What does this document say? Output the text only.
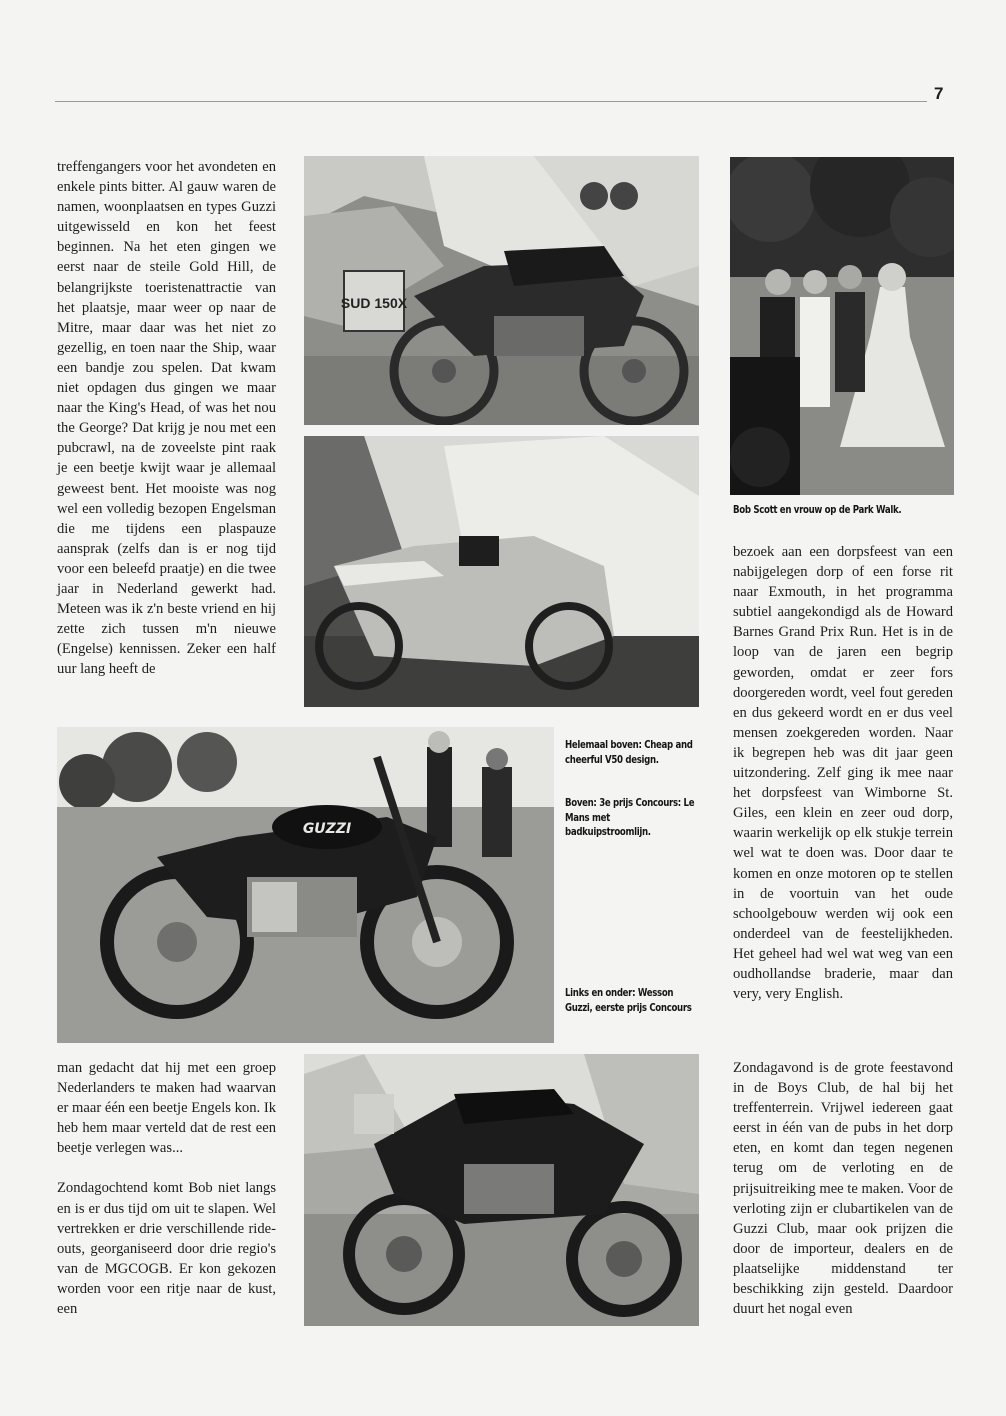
7

treffengangers voor het avondeten en enkele pints bitter. Al gauw waren de namen, woonplaatsen en types Guzzi uitgewisseld en kon het feest beginnen. Na het eten gingen we eerst naar de steile Gold Hill, de belangrijkste toeristenattractie van het plaatsje, maar weer op naar de Mitre, maar daar was het niet zo gezellig, en toen naar the Ship, waar een bandje zou spelen. Dat kwam niet opdagen dus gingen we maar naar the King's Head, of was het nou the George? Dat krijg je nou met een pubcrawl, na de zoveelste pint raak je een beetje kwijt waar je allemaal geweest bent. Het mooiste was nog wel een volledig bezopen Engelsman die me tijdens een plaspauze aansprak (zelfs dan is er nog tijd voor een beleefd praatje) en die twee jaar in Nederland gewerkt had. Meteen was ik z'n beste vriend en hij zette zich tussen m'n nieuwe (Engelse) kennissen. Zeker een half uur lang heeft de

man gedacht dat hij met een groep Nederlanders te maken had waarvan er maar één een beetje Engels kon. Ik heb hem maar verteld dat de rest een beetje verlegen was...

Zondagochtend komt Bob niet langs en is er dus tijd om uit te slapen. Wel vertrekken er drie verschillende ride-outs, georganiseerd door drie regio's van de MGCOGB. Er kon gekozen worden voor een ritje naar de kust, een

bezoek aan een dorpsfeest van een nabijgelegen dorp of een forse rit naar Exmouth, in het programma subtiel aangekondigd als de Howard Barnes Grand Prix Run. Het is in de loop van de jaren een begrip geworden, omdat er zeer fors doorgereden wordt, veel fout gereden en dus gekeerd wordt en er dus veel mensen zoekgereden worden. Naar ik begrepen heb was dit jaar geen uitzondering. Zelf ging ik mee naar het dorpsfeest van Wimborne St. Giles, een klein en zeer oud dorp, waarin werkelijk op elk stukje terrein wel wat te doen was. Door daar te komen en onze motoren op te stellen in de voortuin van het oude schoolgebouw werden wij ook een onderdeel van de feestelijkheden. Het geheel had wel wat weg van een oudhollandse braderie, maar dan very, very English.

Zondagavond is de grote feestavond in de Boys Club, de hal bij het treffenterrein. Vrijwel iedereen gaat eerst in één van de pubs in het dorp eten, en komt dan tegen negenen terug om de verloting en de prijsuitreiking mee te maken. Voor de verloting zijn er clubartikelen van de Guzzi Club, maar ook prijzen die door de importeur, dealers en de plaatselijke middenstand ter beschikking zijn gesteld. Daardoor duurt het nogal even

Helemaal boven: Cheap and cheerful V50 design.
Boven: 3e prijs Concours: Le Mans met badkuipstroomlijn.
Links en onder: Wesson Guzzi, eerste prijs Concours
Bob Scott en vrouw op de Park Walk.
SUD 150X
GUZZI
